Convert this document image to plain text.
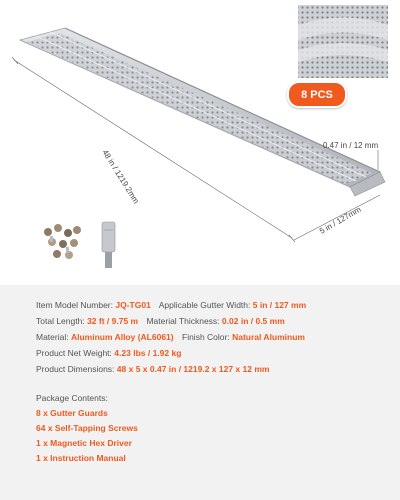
48 in / 1219.2mm
0.47 in / 12 mm
5 in / 127mm
8 PCS
Item Model Number: JQ-TG01 Applicable Gutter Width: 5 in / 127 mm
Total Length: 32 ft / 9.75 m Material Thickness: 0.02 in / 0.5 mm
Material: Aluminum Alloy (AL6061) Finish Color: Natural Aluminum
Product Net Weight: 4.23 lbs / 1.92 kg
Product Dimensions: 48 x 5 x 0.47 in / 1219.2 x 127 x 12 mm
Package Contents:
8 x Gutter Guards
64 x Self-Tapping Screws
1 x Magnetic Hex Driver
1 x Instruction Manual
